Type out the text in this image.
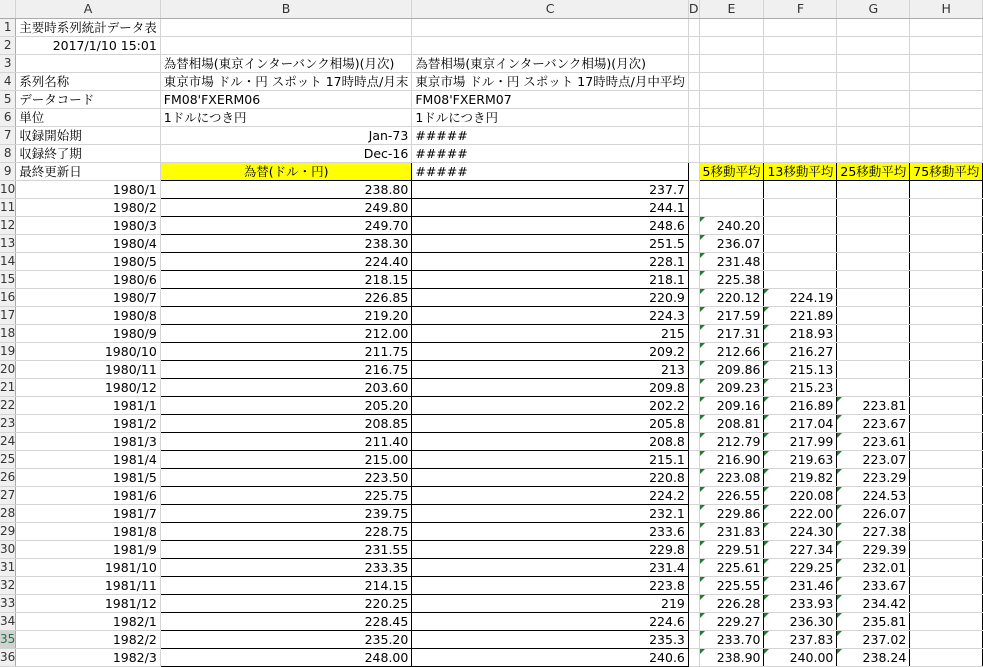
	A	B	C	D	E	F	G	H
1	主要時系列統計データ表							
2	2017/1/10 15:01							
3		為替相場(東京インターバンク相場)(月次)	為替相場(東京インターバンク相場)(月次)					
4	系列名称	東京市場 ドル・円 スポット 17時時点/月末	東京市場 ドル・円 スポット 17時時点/月中平均					
5	データコード	FM08'FXERM06	FM08'FXERM07					
6	単位	1ドルにつき円	1ドルにつき円					
7	収録開始期	Jan-73	#####					
8	収録終了期	Dec-16	#####					
9	最終更新日	為替(ドル・円)	#####		5移動平均	13移動平均	25移動平均	75移動平均
10	1980/1	238.80	237.7					
11	1980/2	249.80	244.1					
12	1980/3	249.70	248.6		240.20			
13	1980/4	238.30	251.5		236.07			
14	1980/5	224.40	228.1		231.48			
15	1980/6	218.15	218.1		225.38			
16	1980/7	226.85	220.9		220.12	224.19		
17	1980/8	219.20	224.3		217.59	221.89		
18	1980/9	212.00	215		217.31	218.93		
19	1980/10	211.75	209.2		212.66	216.27		
20	1980/11	216.75	213		209.86	215.13		
21	1980/12	203.60	209.8		209.23	215.23		
22	1981/1	205.20	202.2		209.16	216.89	223.81	
23	1981/2	208.85	205.8		208.81	217.04	223.67	
24	1981/3	211.40	208.8		212.79	217.99	223.61	
25	1981/4	215.00	215.1		216.90	219.63	223.07	
26	1981/5	223.50	220.8		223.08	219.82	223.29	
27	1981/6	225.75	224.2		226.55	220.08	224.53	
28	1981/7	239.75	232.1		229.86	222.00	226.07	
29	1981/8	228.75	233.6		231.83	224.30	227.38	
30	1981/9	231.55	229.8		229.51	227.34	229.39	
31	1981/10	233.35	231.4		225.61	229.25	232.01	
32	1981/11	214.15	223.8		225.55	231.46	233.67	
33	1981/12	220.25	219		226.28	233.93	234.42	
34	1982/1	228.45	224.6		229.27	236.30	235.81	
35	1982/2	235.20	235.3		233.70	237.83	237.02	
36	1982/3	248.00	240.6		238.90	240.00	238.24	
